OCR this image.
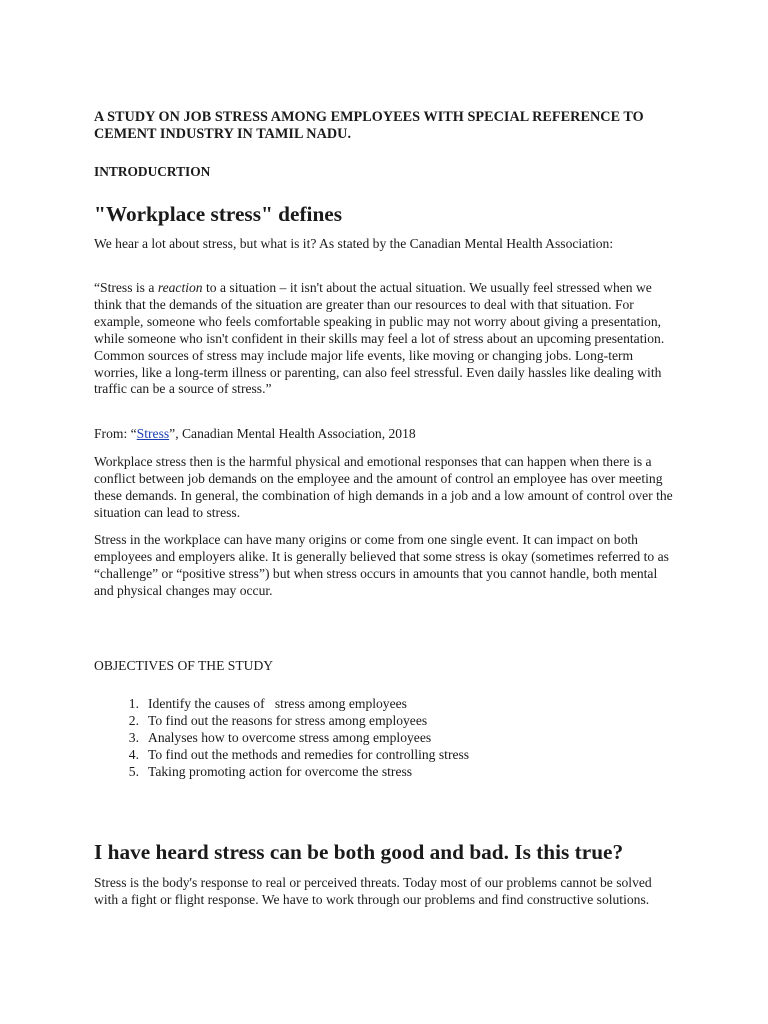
A STUDY ON JOB STRESS AMONG EMPLOYEES WITH SPECIAL REFERENCE TO CEMENT INDUSTRY IN TAMIL NADU.
INTRODUCRTION
"Workplace stress" defines

We hear a lot about stress, but what is it? As stated by the Canadian Mental Health Association:

“Stress is a reaction to a situation – it isn't about the actual situation. We usually feel stressed when we think that the demands of the situation are greater than our resources to deal with that situation. For example, someone who feels comfortable speaking in public may not worry about giving a presentation, while someone who isn't confident in their skills may feel a lot of stress about an upcoming presentation. Common sources of stress may include major life events, like moving or changing jobs. Long-term worries, like a long-term illness or parenting, can also feel stressful. Even daily hassles like dealing with traffic can be a source of stress.”

From: “Stress”, Canadian Mental Health Association, 2018

Workplace stress then is the harmful physical and emotional responses that can happen when there is a conflict between job demands on the employee and the amount of control an employee has over meeting these demands. In general, the combination of high demands in a job and a low amount of control over the situation can lead to stress.

Stress in the workplace can have many origins or come from one single event. It can impact on both employees and employers alike. It is generally believed that some stress is okay (sometimes referred to as “challenge” or “positive stress”) but when stress occurs in amounts that you cannot handle, both mental and physical changes may occur.

OBJECTIVES OF THE STUDY
1. Identify the causes of   stress among employees
2. To find out the reasons for stress among employees
3. Analyses how to overcome stress among employees
4. To find out the methods and remedies for controlling stress
5. Taking promoting action for overcome the stress
I have heard stress can be both good and bad. Is this true?

Stress is the body's response to real or perceived threats. Today most of our problems cannot be solved with a fight or flight response. We have to work through our problems and find constructive solutions.
